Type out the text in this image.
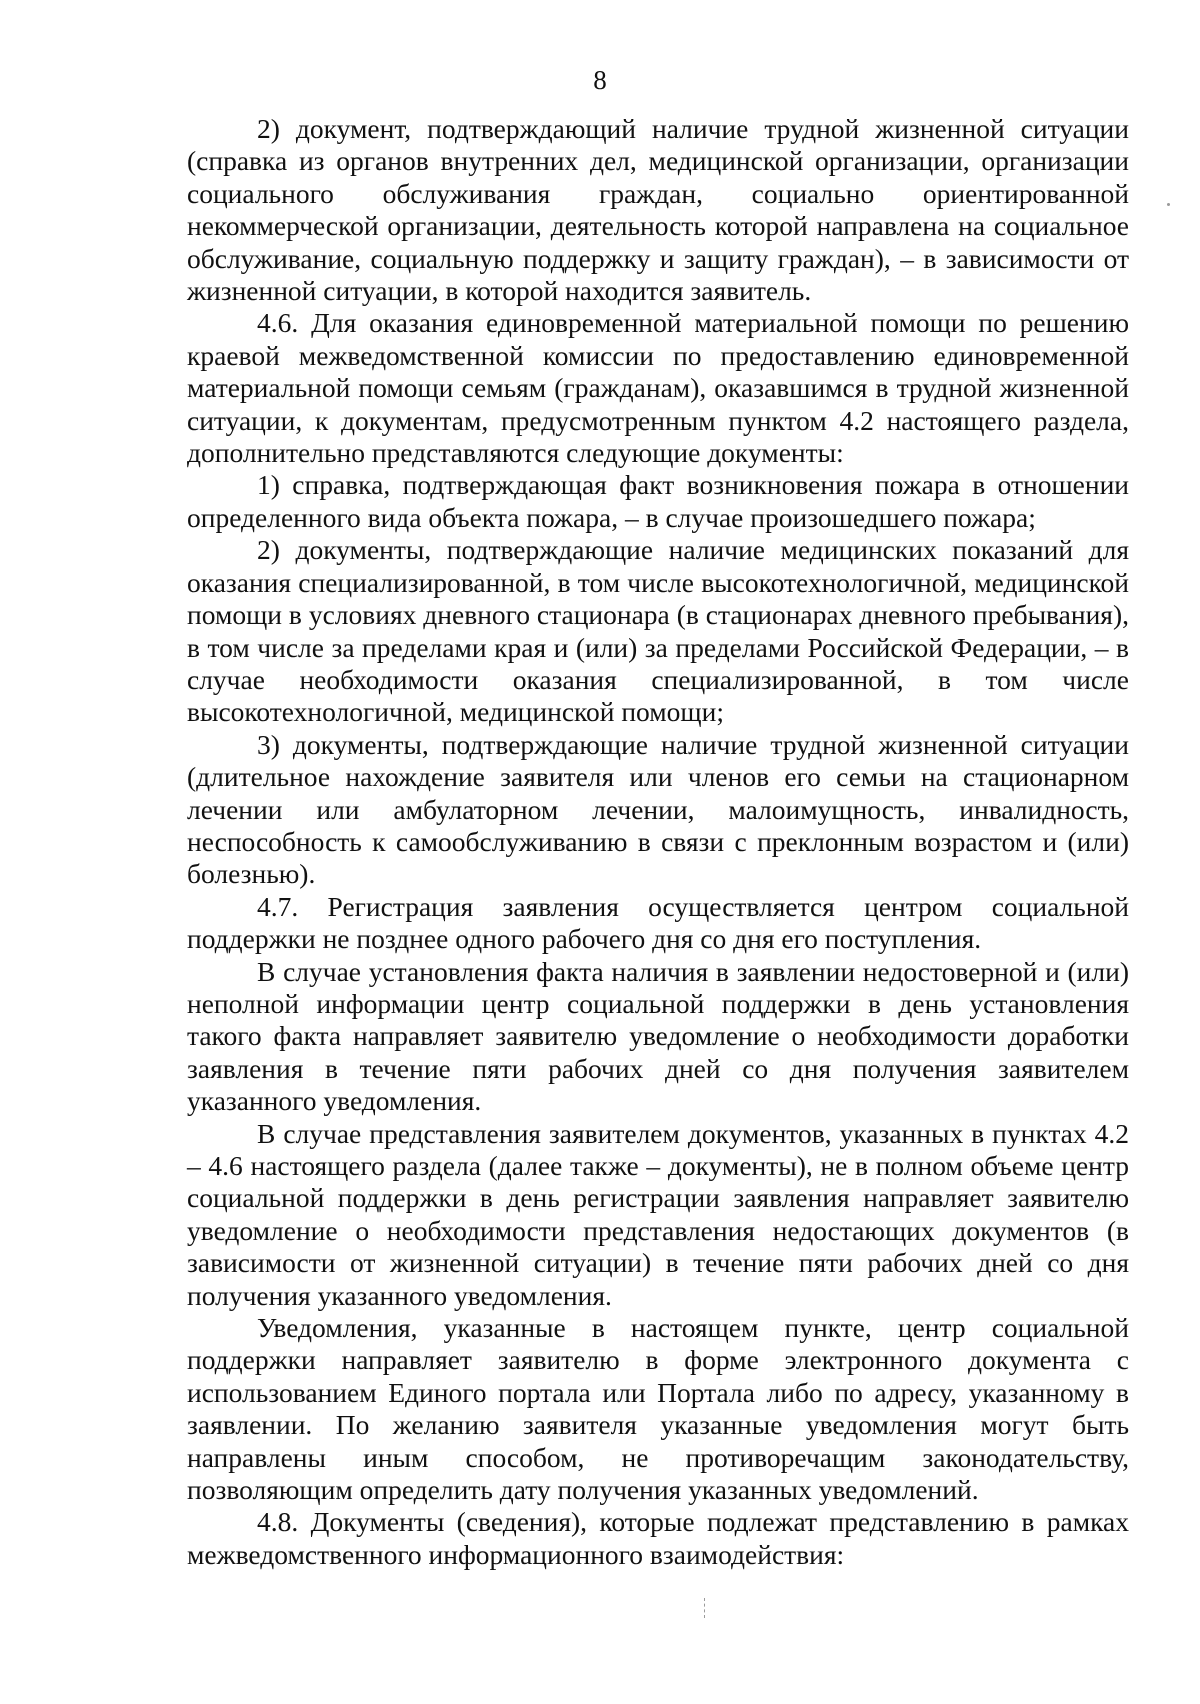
8

2) документ, подтверждающий наличие трудной жизненной ситуации (справка из органов внутренних дел, медицинской организации, организации социального обслуживания граждан, социально ориентированной некоммерческой организации, деятельность которой направлена на социальное обслуживание, социальную поддержку и защиту граждан), – в зависимости от жизненной ситуации, в которой находится заявитель.

4.6. Для оказания единовременной материальной помощи по решению краевой межведомственной комиссии по предоставлению единовременной материальной помощи семьям (гражданам), оказавшимся в трудной жизненной ситуации, к документам, предусмотренным пунктом 4.2 настоящего раздела, дополнительно представляются следующие документы:

1) справка, подтверждающая факт возникновения пожара в отношении определенного вида объекта пожара, – в случае произошедшего пожара;

2) документы, подтверждающие наличие медицинских показаний для оказания специализированной, в том числе высокотехнологичной, медицинской помощи в условиях дневного стационара (в стационарах дневного пребывания), в том числе за пределами края и (или) за пределами Российской Федерации, – в случае необходимости оказания специализированной, в том числе высокотехнологичной, медицинской помощи;

3) документы, подтверждающие наличие трудной жизненной ситуации (длительное нахождение заявителя или членов его семьи на стационарном лечении или амбулаторном лечении, малоимущность, инвалидность, неспособность к самообслуживанию в связи с преклонным возрастом и (или) болезнью).

4.7. Регистрация заявления осуществляется центром социальной поддержки не позднее одного рабочего дня со дня его поступления.

В случае установления факта наличия в заявлении недостоверной и (или) неполной информации центр социальной поддержки в день установления такого факта направляет заявителю уведомление о необходимости доработки заявления в течение пяти рабочих дней со дня получения заявителем указанного уведомления.

В случае представления заявителем документов, указанных в пунктах 4.2 – 4.6 настоящего раздела (далее также – документы), не в полном объеме центр социальной поддержки в день регистрации заявления направляет заявителю уведомление о необходимости представления недостающих документов (в зависимости от жизненной ситуации) в течение пяти рабочих дней со дня получения указанного уведомления.

Уведомления, указанные в настоящем пункте, центр социальной поддержки направляет заявителю в форме электронного документа с использованием Единого портала или Портала либо по адресу, указанному в заявлении. По желанию заявителя указанные уведомления могут быть направлены иным способом, не противоречащим законодательству, позволяющим определить дату получения указанных уведомлений.

4.8. Документы (сведения), которые подлежат представлению в рамках межведомственного информационного взаимодействия:
